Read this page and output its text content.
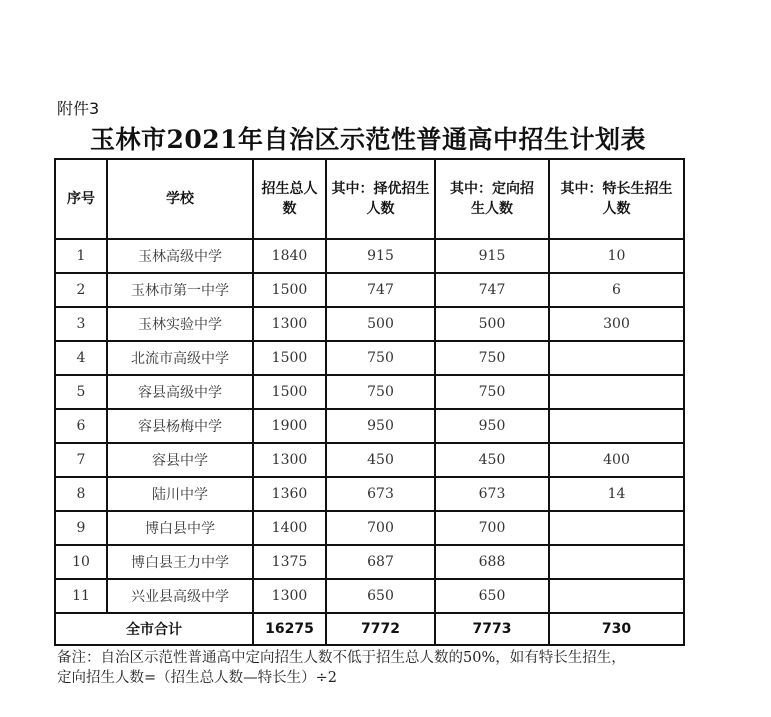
附件3
玉林市2021年自治区示范性普通高中招生计划表
序号	学校	招生总人数	其中：择优招生人数	其中：定向招生人数	其中：特长生招生人数
1	玉林高级中学	1840	915	915	10
2	玉林市第一中学	1500	747	747	6
3	玉林实验中学	1300	500	500	300
4	北流市高级中学	1500	750	750	
5	容县高级中学	1500	750	750	
6	容县杨梅中学	1900	950	950	
7	容县中学	1300	450	450	400
8	陆川中学	1360	673	673	14
9	博白县中学	1400	700	700	
10	博白县王力中学	1375	687	688	
11	兴业县高级中学	1300	650	650	
全市合计		16275	7772	7773	730
备注：自治区示范性普通高中定向招生人数不低于招生总人数的50%，如有特长生招生，
定向招生人数=（招生总人数—特长生）÷2
